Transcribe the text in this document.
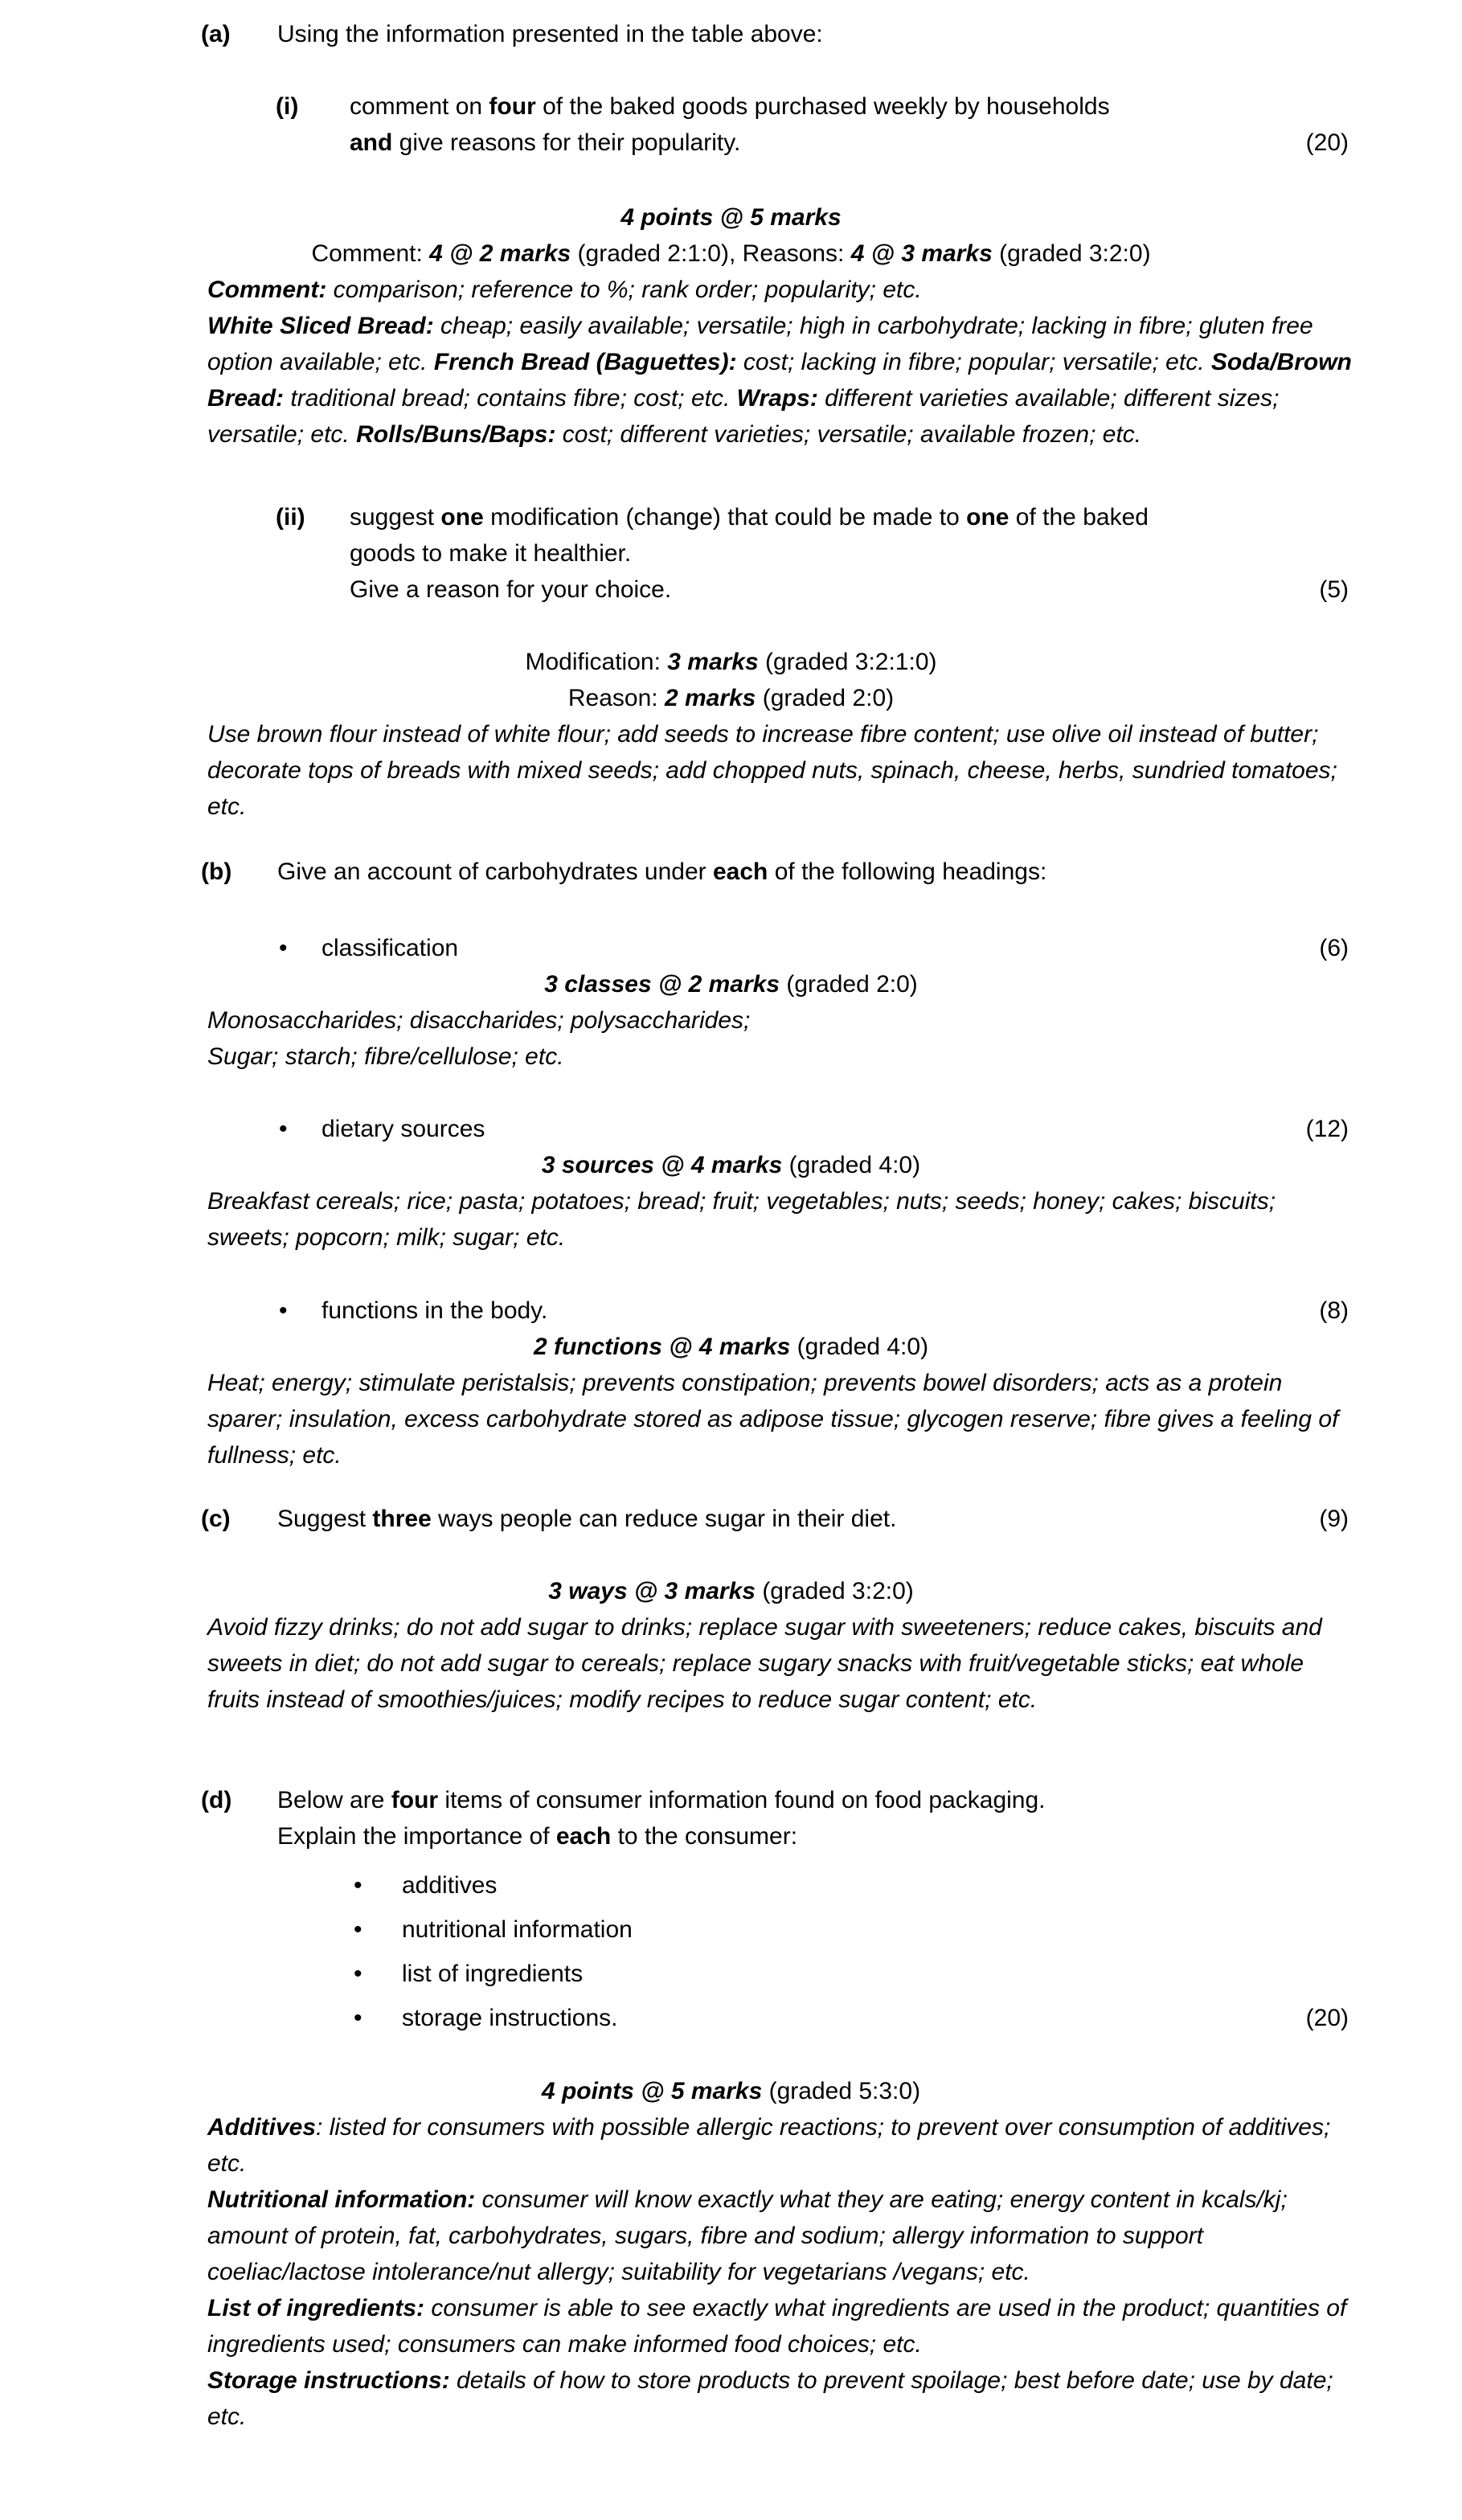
(a) Using the information presented in the table above:
(i) comment on four of the baked goods purchased weekly by households
and give reasons for their popularity.	(20)
4 points @ 5 marks
Comment: 4 @ 2 marks (graded 2:1:0), Reasons: 4 @ 3 marks (graded 3:2:0)
Comment: comparison; reference to %; rank order; popularity; etc.
White Sliced Bread: cheap; easily available; versatile; high in carbohydrate; lacking in fibre; gluten free option available; etc. French Bread (Baguettes): cost; lacking in fibre; popular; versatile; etc. Soda/Brown Bread: traditional bread; contains fibre; cost; etc. Wraps: different varieties available; different sizes; versatile; etc. Rolls/Buns/Baps: cost; different varieties; versatile; available frozen; etc.
(ii) suggest one modification (change) that could be made to one of the baked
goods to make it healthier.
Give a reason for your choice.	(5)
Modification: 3 marks (graded 3:2:1:0)
Reason: 2 marks (graded 2:0)
Use brown flour instead of white flour; add seeds to increase fibre content; use olive oil instead of butter; decorate tops of breads with mixed seeds; add chopped nuts, spinach, cheese, herbs, sundried tomatoes; etc.
(b) Give an account of carbohydrates under each of the following headings:
• classification	(6)
3 classes @ 2 marks (graded 2:0)
Monosaccharides; disaccharides; polysaccharides;
Sugar; starch; fibre/cellulose; etc.
• dietary sources	(12)
3 sources @ 4 marks (graded 4:0)
Breakfast cereals; rice; pasta; potatoes; bread; fruit; vegetables; nuts; seeds; honey; cakes; biscuits; sweets; popcorn; milk; sugar; etc.
• functions in the body.	(8)
2 functions @ 4 marks (graded 4:0)
Heat; energy; stimulate peristalsis; prevents constipation; prevents bowel disorders; acts as a protein sparer; insulation, excess carbohydrate stored as adipose tissue; glycogen reserve; fibre gives a feeling of fullness; etc.
(c) Suggest three ways people can reduce sugar in their diet.	(9)
3 ways @ 3 marks (graded 3:2:0)
Avoid fizzy drinks; do not add sugar to drinks; replace sugar with sweeteners; reduce cakes, biscuits and sweets in diet; do not add sugar to cereals; replace sugary snacks with fruit/vegetable sticks; eat whole fruits instead of smoothies/juices; modify recipes to reduce sugar content; etc.
(d) Below are four items of consumer information found on food packaging.
Explain the importance of each to the consumer:
• additives
• nutritional information
• list of ingredients
• storage instructions.	(20)
4 points @ 5 marks (graded 5:3:0)
Additives: listed for consumers with possible allergic reactions; to prevent over consumption of additives; etc.
Nutritional information: consumer will know exactly what they are eating; energy content in kcals/kj; amount of protein, fat, carbohydrates, sugars, fibre and sodium; allergy information to support coeliac/lactose intolerance/nut allergy; suitability for vegetarians /vegans; etc.
List of ingredients: consumer is able to see exactly what ingredients are used in the product; quantities of ingredients used; consumers can make informed food choices; etc.
Storage instructions: details of how to store products to prevent spoilage; best before date; use by date; etc.
